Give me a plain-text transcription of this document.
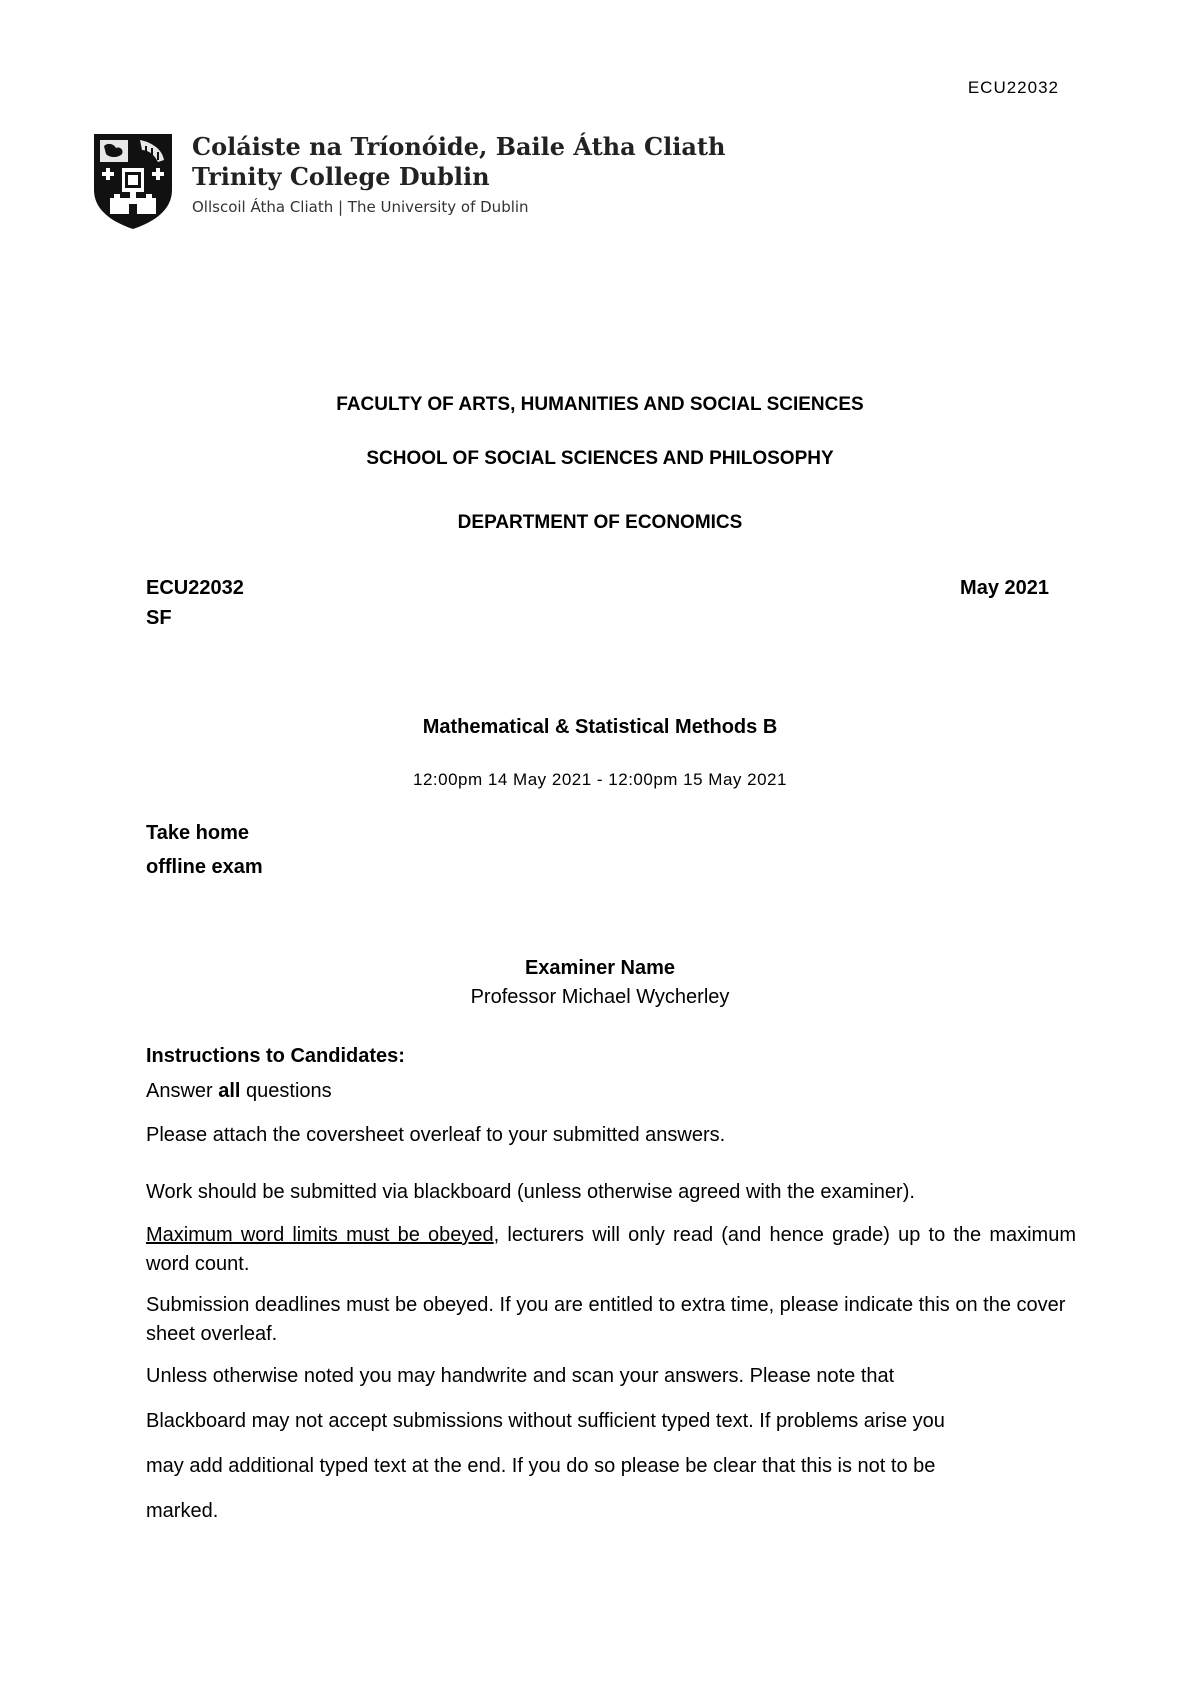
ECU22032
Coláiste na Tríonóide, Baile Átha Cliath
Trinity College Dublin
Ollscoil Átha Cliath | The University of Dublin
FACULTY OF ARTS, HUMANITIES AND SOCIAL SCIENCES
SCHOOL OF SOCIAL SCIENCES AND PHILOSOPHY
DEPARTMENT OF ECONOMICS
ECU22032
SF
May 2021
Mathematical & Statistical Methods B
12:00pm 14 May 2021 - 12:00pm 15 May 2021
Take home
offline exam
Examiner Name
Professor Michael Wycherley
Instructions to Candidates:
Answer all questions
Please attach the coversheet overleaf to your submitted answers.
Work should be submitted via blackboard (unless otherwise agreed with the examiner).
Maximum word limits must be obeyed, lecturers will only read (and hence grade) up to the maximum word count.
Submission deadlines must be obeyed. If you are entitled to extra time, please indicate this on the cover sheet overleaf.
Unless otherwise noted you may handwrite and scan your answers. Please note that
Blackboard may not accept submissions without sufficient typed text. If problems arise you
may add additional typed text at the end. If you do so please be clear that this is not to be
marked.
